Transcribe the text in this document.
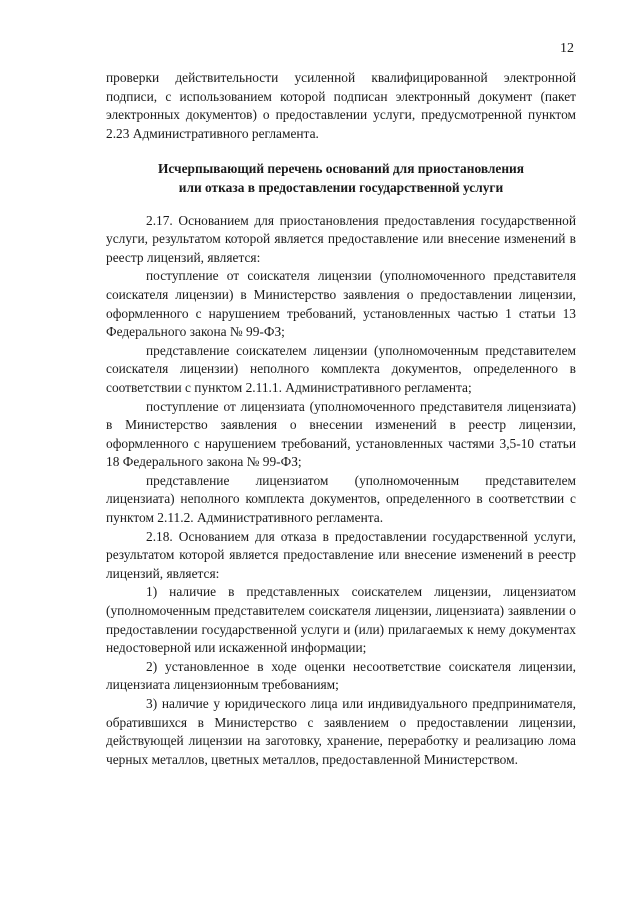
12

проверки действительности усиленной квалифицированной электронной подписи, с использованием которой подписан электронный документ (пакет электронных документов) о предоставлении услуги, предусмотренной пунктом 2.23 Административного регламента.

Исчерпывающий перечень оснований для приостановления
или отказа в предоставлении государственной услуги

2.17. Основанием для приостановления предоставления государственной услуги, результатом которой является предоставление или внесение изменений в реестр лицензий, является:

поступление от соискателя лицензии (уполномоченного представителя соискателя лицензии) в Министерство заявления о предоставлении лицензии, оформленного с нарушением требований, установленных частью 1 статьи 13 Федерального закона № 99-ФЗ;

представление соискателем лицензии (уполномоченным представителем соискателя лицензии) неполного комплекта документов, определенного в соответствии с пунктом 2.11.1. Административного регламента;

поступление от лицензиата (уполномоченного представителя лицензиата) в Министерство заявления о внесении изменений в реестр лицензии, оформленного с нарушением требований, установленных частями 3,5-10 статьи 18 Федерального закона № 99-ФЗ;

представление лицензиатом (уполномоченным представителем лицензиата) неполного комплекта документов, определенного в соответствии с пунктом 2.11.2. Административного регламента.

2.18. Основанием для отказа в предоставлении государственной услуги, результатом которой является предоставление или внесение изменений в реестр лицензий, является:

1) наличие в представленных соискателем лицензии, лицензиатом (уполномоченным представителем соискателя лицензии, лицензиата) заявлении о предоставлении государственной услуги и (или) прилагаемых к нему документах недостоверной или искаженной информации;

2) установленное в ходе оценки несоответствие соискателя лицензии, лицензиата лицензионным требованиям;

3) наличие у юридического лица или индивидуального предпринимателя, обратившихся в Министерство с заявлением о предоставлении лицензии, действующей лицензии на заготовку, хранение, переработку и реализацию лома черных металлов, цветных металлов, предоставленной Министерством.
